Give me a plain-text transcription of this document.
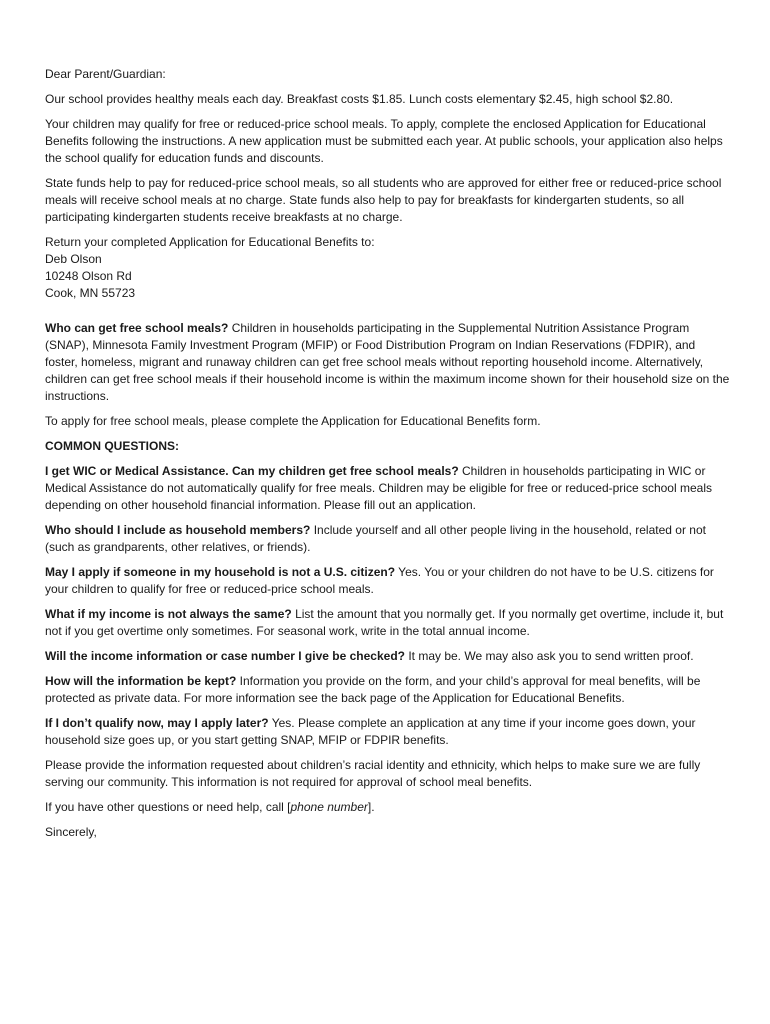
Dear Parent/Guardian:

Our school provides healthy meals each day. Breakfast costs $1.85. Lunch costs elementary $2.45, high school $2.80.

Your children may qualify for free or reduced-price school meals. To apply, complete the enclosed Application for Educational Benefits following the instructions. A new application must be submitted each year. At public schools, your application also helps the school qualify for education funds and discounts.

State funds help to pay for reduced-price school meals, so all students who are approved for either free or reduced-price school meals will receive school meals at no charge. State funds also help to pay for breakfasts for kindergarten students, so all participating kindergarten students receive breakfasts at no charge.

Return your completed Application for Educational Benefits to:

Deb Olson
10248 Olson Rd
Cook, MN 55723

Who can get free school meals? Children in households participating in the Supplemental Nutrition Assistance Program (SNAP), Minnesota Family Investment Program (MFIP) or Food Distribution Program on Indian Reservations (FDPIR), and foster, homeless, migrant and runaway children can get free school meals without reporting household income. Alternatively, children can get free school meals if their household income is within the maximum income shown for their household size on the instructions.

To apply for free school meals, please complete the Application for Educational Benefits form.

COMMON QUESTIONS:

I get WIC or Medical Assistance. Can my children get free school meals? Children in households participating in WIC or Medical Assistance do not automatically qualify for free meals. Children may be eligible for free or reduced-price school meals depending on other household financial information. Please fill out an application.

Who should I include as household members? Include yourself and all other people living in the household, related or not (such as grandparents, other relatives, or friends).

May I apply if someone in my household is not a U.S. citizen? Yes. You or your children do not have to be U.S. citizens for your children to qualify for free or reduced-price school meals.

What if my income is not always the same? List the amount that you normally get. If you normally get overtime, include it, but not if you get overtime only sometimes. For seasonal work, write in the total annual income.

Will the income information or case number I give be checked? It may be. We may also ask you to send written proof.

How will the information be kept? Information you provide on the form, and your child’s approval for meal benefits, will be protected as private data. For more information see the back page of the Application for Educational Benefits.

If I don’t qualify now, may I apply later? Yes. Please complete an application at any time if your income goes down, your household size goes up, or you start getting SNAP, MFIP or FDPIR benefits.

Please provide the information requested about children’s racial identity and ethnicity, which helps to make sure we are fully serving our community. This information is not required for approval of school meal benefits.

If you have other questions or need help, call [phone number].

Sincerely,
